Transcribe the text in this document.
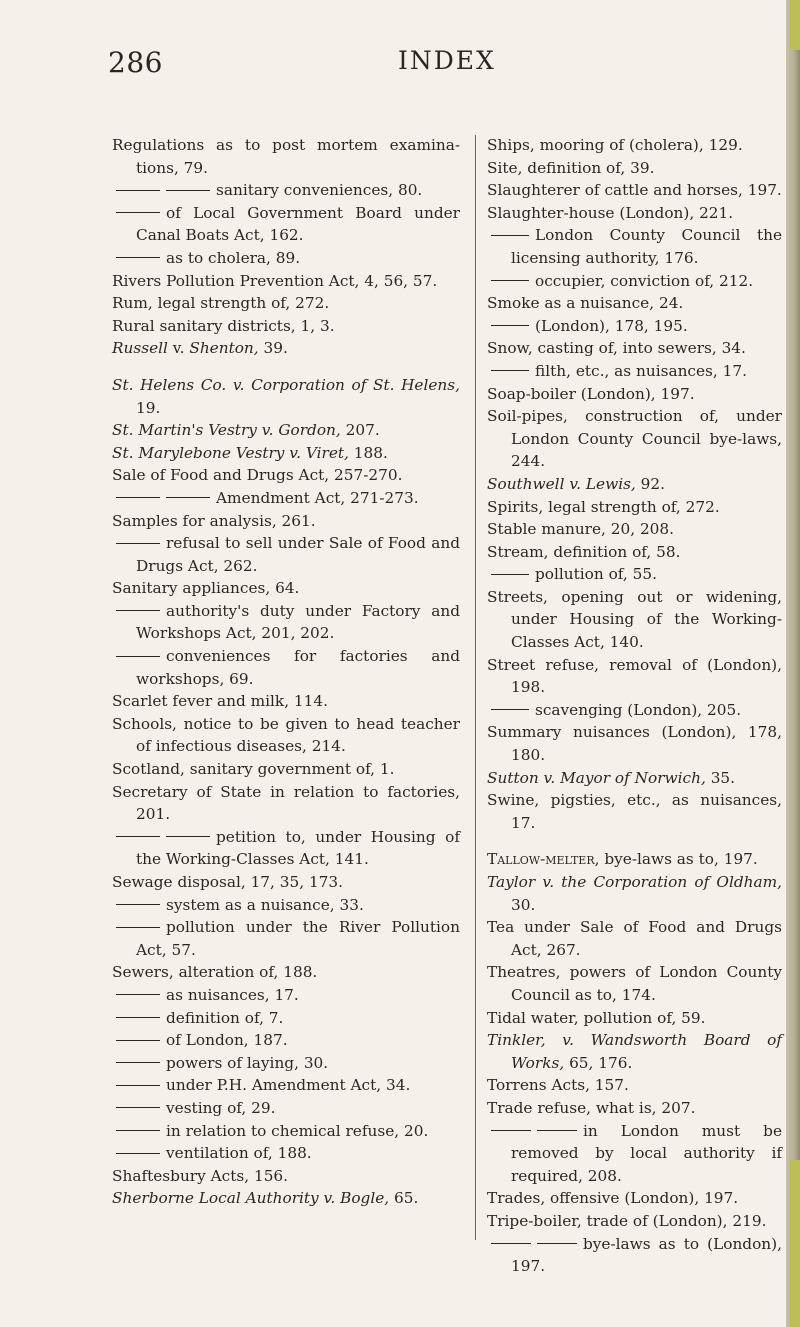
286	INDEX
Regulations as to post mortem examinations, 79.
sanitary conveniences, 80.
of Local Government Board under Canal Boats Act, 162.
as to cholera, 89.
Rivers Pollution Prevention Act, 4, 56, 57.
Rum, legal strength of, 272.
Rural sanitary districts, 1, 3.
Russell v. Shenton, 39.
St. Helens Co. v. Corporation of St. Helens, 19.
St. Martin's Vestry v. Gordon, 207.
St. Marylebone Vestry v. Viret, 188.
Sale of Food and Drugs Act, 257-270.
Amendment Act, 271-273.
Samples for analysis, 261.
refusal to sell under Sale of Food and Drugs Act, 262.
Sanitary appliances, 64.
authority's duty under Factory and Workshops Act, 201, 202.
conveniences for factories and workshops, 69.
Scarlet fever and milk, 114.
Schools, notice to be given to head teacher of infectious diseases, 214.
Scotland, sanitary government of, 1.
Secretary of State in relation to factories, 201.
petition to, under Housing of the Working-Classes Act, 141.
Sewage disposal, 17, 35, 173.
system as a nuisance, 33.
pollution under the River Pollution Act, 57.
Sewers, alteration of, 188.
as nuisances, 17.
definition of, 7.
of London, 187.
powers of laying, 30.
under P.H. Amendment Act, 34.
vesting of, 29.
in relation to chemical refuse, 20.
ventilation of, 188.
Shaftesbury Acts, 156.
Sherborne Local Authority v. Bogle, 65.
Ships, mooring of (cholera), 129.
Site, definition of, 39.
Slaughterer of cattle and horses, 197.
Slaughter-house (London), 221.
London County Council the licensing authority, 176.
occupier, conviction of, 212.
Smoke as a nuisance, 24.
(London), 178, 195.
Snow, casting of, into sewers, 34.
filth, etc., as nuisances, 17.
Soap-boiler (London), 197.
Soil-pipes, construction of, under London County Council bye-laws, 244.
Southwell v. Lewis, 92.
Spirits, legal strength of, 272.
Stable manure, 20, 208.
Stream, definition of, 58.
pollution of, 55.
Streets, opening out or widening, under Housing of the Working-Classes Act, 140.
Street refuse, removal of (London), 198.
scavenging (London), 205.
Summary nuisances (London), 178, 180.
Sutton v. Mayor of Norwich, 35.
Swine, pigsties, etc., as nuisances, 17.
Tallow-melter, bye-laws as to, 197.
Taylor v. the Corporation of Oldham, 30.
Tea under Sale of Food and Drugs Act, 267.
Theatres, powers of London County Council as to, 174.
Tidal water, pollution of, 59.
Tinkler, v. Wandsworth Board of Works, 65, 176.
Torrens Acts, 157.
Trade refuse, what is, 207.
in London must be removed by local authority if required, 208.
Trades, offensive (London), 197.
Tripe-boiler, trade of (London), 219.
bye-laws as to (London), 197.
